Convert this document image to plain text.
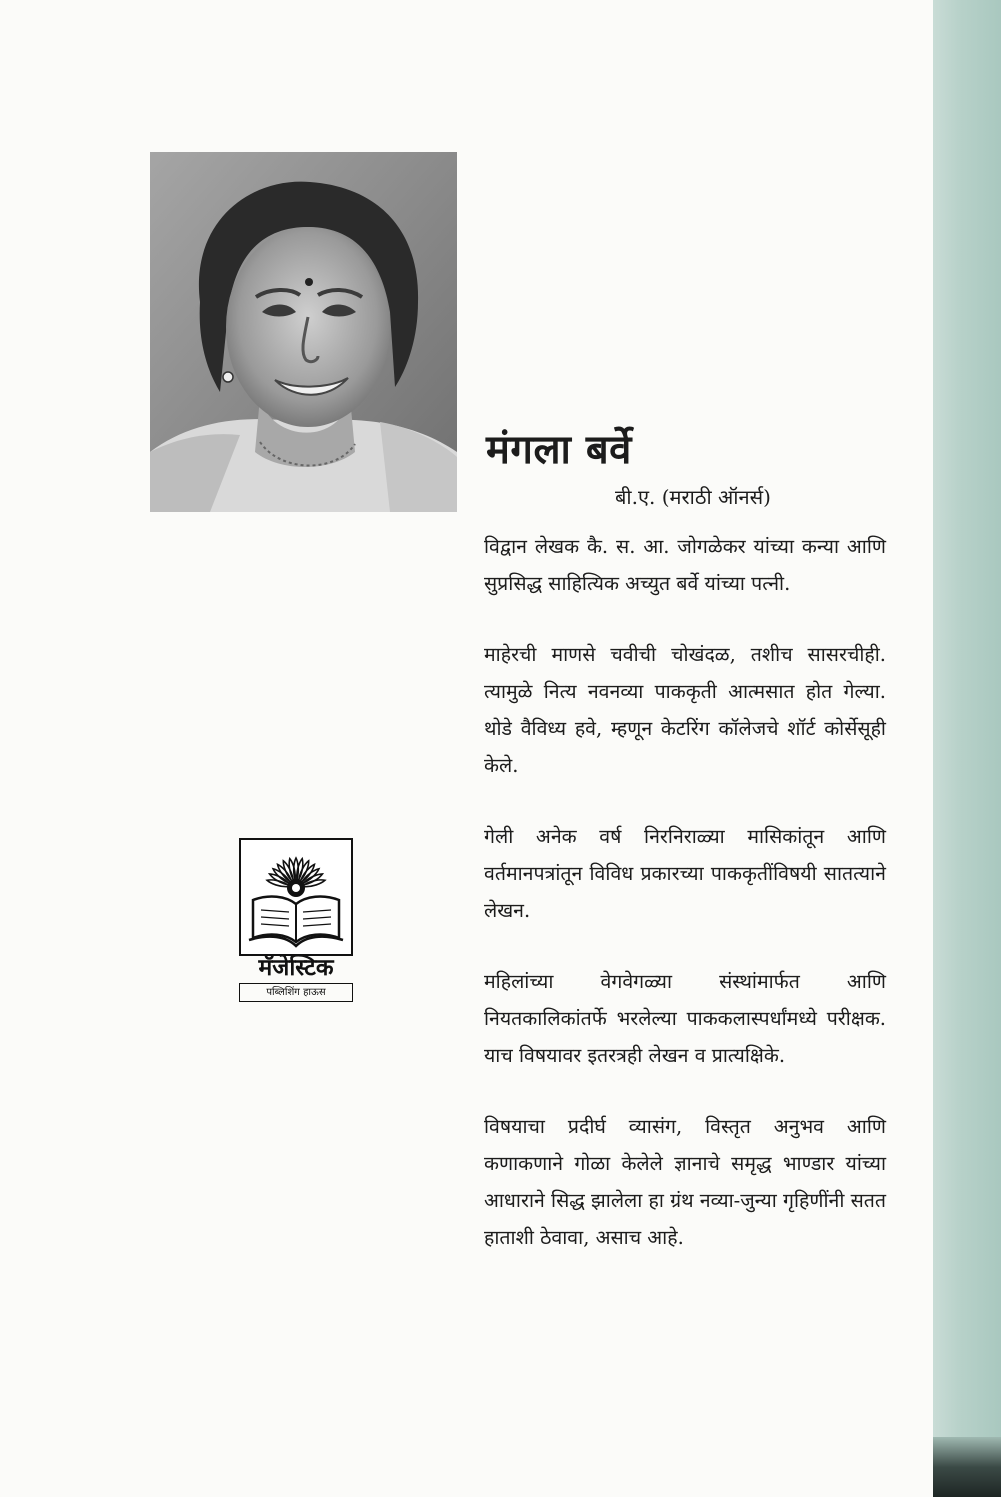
मंगला बर्वे
बी.ए. (मराठी ऑनर्स)

विद्वान लेखक कै. स. आ. जोगळेकर यांच्या कन्या आणि सुप्रसिद्ध साहित्यिक अच्युत बर्वे यांच्या पत्नी.

माहेरची माणसे चवीची चोखंदळ, तशीच सासरचीही. त्यामुळे नित्य नवनव्या पाककृती आत्मसात होत गेल्या. थोडे वैविध्य हवे, म्हणून केटरिंग कॉलेजचे शॉर्ट कोर्सेसूही केले.

गेली अनेक वर्ष निरनिराळ्या मासिकांतून आणि वर्तमानपत्रांतून विविध प्रकारच्या पाककृतींविषयी सातत्याने लेखन.

महिलांच्या वेगवेगळ्या संस्थांमार्फत आणि नियतकालिकांतर्फे भरलेल्या पाककलास्पर्धांमध्ये परीक्षक. याच विषयावर इतरत्रही लेखन व प्रात्यक्षिके.

विषयाचा प्रदीर्घ व्यासंग, विस्तृत अनुभव आणि कणाकणाने गोळा केलेले ज्ञानाचे समृद्ध भाण्डार यांच्या आधाराने सिद्ध झालेला हा ग्रंथ नव्या-जुन्या गृहिणींनी सतत हाताशी ठेवावा, असाच आहे.

मॅजेस्टिक
पब्लिशिंग हाऊस
